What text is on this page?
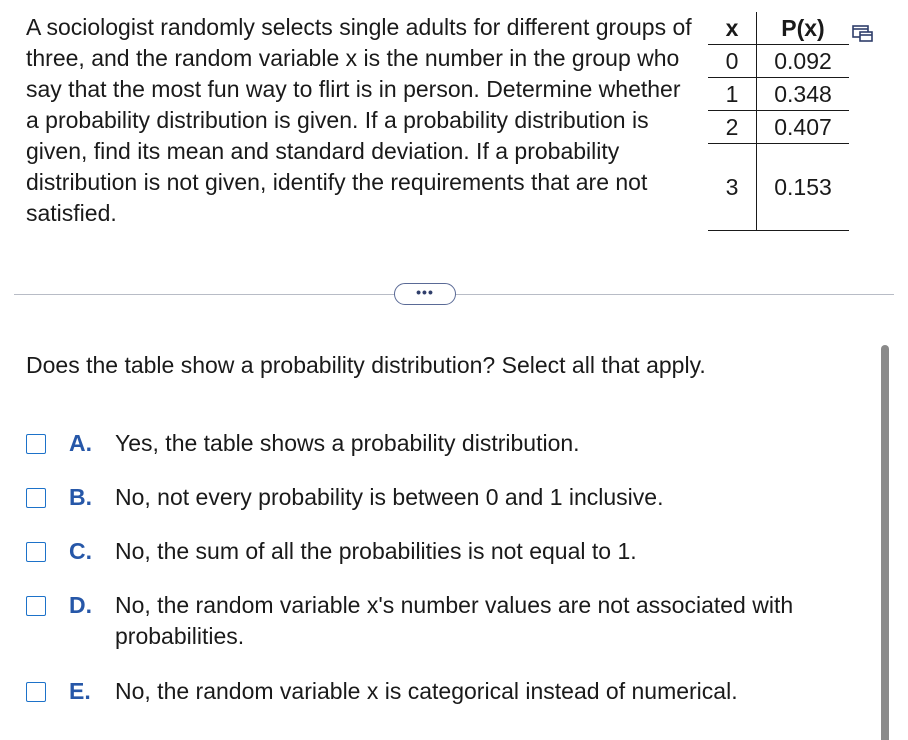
A sociologist randomly selects single adults for different groups of three, and the random variable x is the number in the group who say that the most fun way to flirt is in person. Determine whether a probability distribution is given. If a probability distribution is given, find its mean and standard deviation. If a probability distribution is not given, identify the requirements that are not satisfied.

x	P(x)
0	0.092
1	0.348
2	0.407
3	0.153
•••

Does the table show a probability distribution? Select all that apply.

A.	Yes, the table shows a probability distribution.
B.	No, not every probability is between 0 and 1 inclusive.
C.	No, the sum of all the probabilities is not equal to 1.
D.	No, the random variable x's number values are not associated with probabilities.
E.	No, the random variable x is categorical instead of numerical.
